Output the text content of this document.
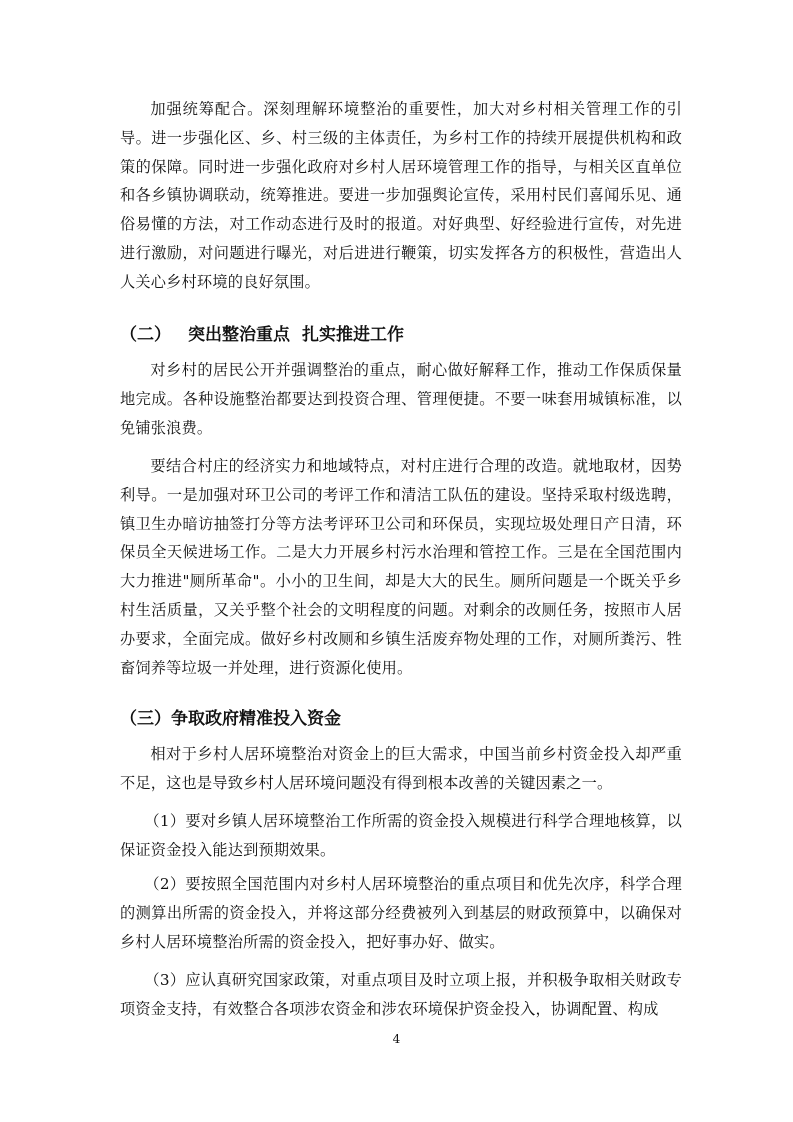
加强统筹配合。深刻理解环境整治的重要性，加大对乡村相关管理工作的引导。进一步强化区、乡、村三级的主体责任，为乡村工作的持续开展提供机构和政策的保障。同时进一步强化政府对乡村人居环境管理工作的指导，与相关区直单位和各乡镇协调联动，统筹推进。要进一步加强舆论宣传，采用村民们喜闻乐见、通俗易懂的方法，对工作动态进行及时的报道。对好典型、好经验进行宣传，对先进进行激励，对问题进行曝光，对后进进行鞭策，切实发挥各方的积极性，营造出人人关心乡村环境的良好氛围。

（二） 突出整治重点 扎实推进工作

对乡村的居民公开并强调整治的重点，耐心做好解释工作，推动工作保质保量地完成。各种设施整治都要达到投资合理、管理便捷。不要一味套用城镇标准，以免铺张浪费。

要结合村庄的经济实力和地域特点，对村庄进行合理的改造。就地取材，因势利导。一是加强对环卫公司的考评工作和清洁工队伍的建设。坚持采取村级选聘，镇卫生办暗访抽签打分等方法考评环卫公司和环保员，实现垃圾处理日产日清，环保员全天候进场工作。二是大力开展乡村污水治理和管控工作。三是在全国范围内大力推进"厕所革命"。小小的卫生间，却是大大的民生。厕所问题是一个既关乎乡村生活质量，又关乎整个社会的文明程度的问题。对剩余的改厕任务，按照市人居办要求，全面完成。做好乡村改厕和乡镇生活废弃物处理的工作，对厕所粪污、牲畜饲养等垃圾一并处理，进行资源化使用。

（三）争取政府精准投入资金

相对于乡村人居环境整治对资金上的巨大需求，中国当前乡村资金投入却严重不足，这也是导致乡村人居环境问题没有得到根本改善的关键因素之一。

（1）要对乡镇人居环境整治工作所需的资金投入规模进行科学合理地核算，以保证资金投入能达到预期效果。

（2）要按照全国范围内对乡村人居环境整治的重点项目和优先次序，科学合理的测算出所需的资金投入，并将这部分经费被列入到基层的财政预算中，以确保对乡村人居环境整治所需的资金投入，把好事办好、做实。

（3）应认真研究国家政策，对重点项目及时立项上报，并积极争取相关财政专项资金支持，有效整合各项涉农资金和涉农环境保护资金投入，协调配置、构成

4
